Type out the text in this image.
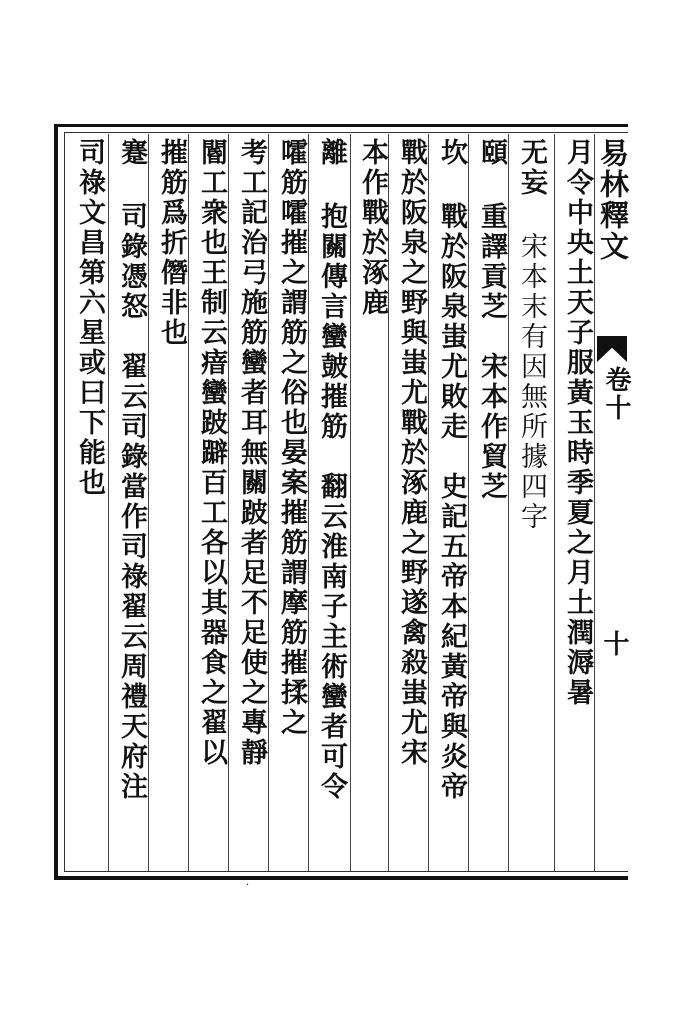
易林釋文
卷十
十
月令中央土天子服黃玉時季夏之月土潤溽暑
无妄 宋本末有因無所據四字
頤 重譯貢芝　宋本作貿芝
坎 戰於阪泉蚩尤敗走　史記五帝本紀黃帝與炎帝
戰於阪泉之野與蚩尤戰於涿鹿之野遂禽殺蚩尤宋
本作戰於涿鹿
離 抱關傳言蠻皷摧筋　翻云淮南子主術蠻者可令
嚯筋嚯摧之謂筋之俗也晏案摧筋謂摩筋摧揉之
考工記治弓施筋蠻者耳無關跛者足不足使之專靜
閽工衆也王制云瘖蠻跛躃百工各以其器食之翟以
摧筋爲折僭非也
蹇 司錄憑怒　翟云司錄當作司祿翟云周禮天府注
司祿文昌第六星或曰下能也
·
